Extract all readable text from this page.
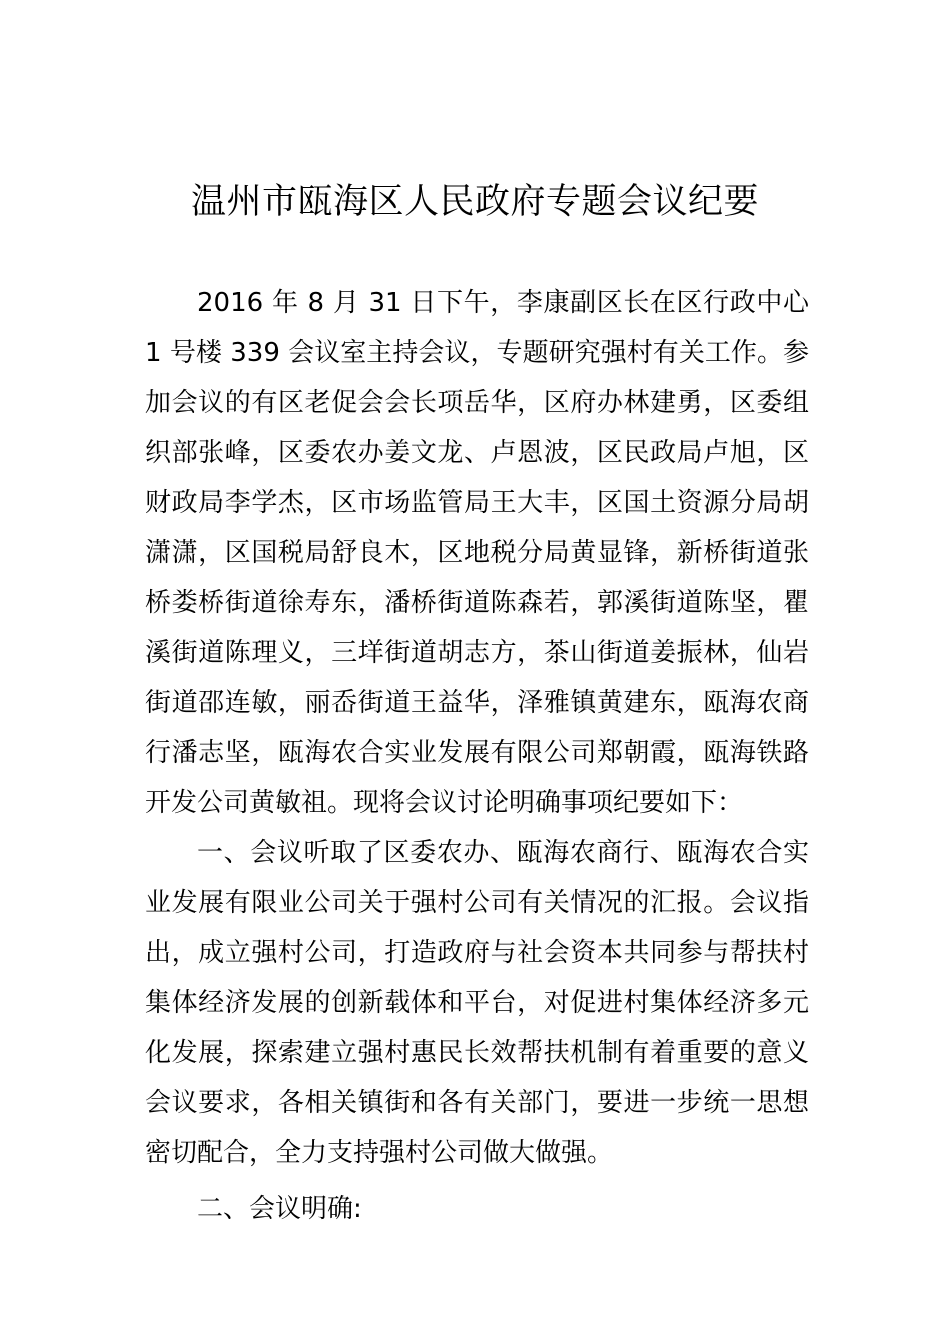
温州市瓯海区人民政府专题会议纪要

2016 年 8 月 31 日下午，李康副区长在区行政中心 1 号楼 339 会议室主持会议，专题研究强村有关工作。参加会议的有区老促会会长项岳华，区府办林建勇，区委组织部张峰，区委农办姜文龙、卢恩波，区民政局卢旭，区财政局李学杰，区市场监管局王大丰，区国土资源分局胡潇潇，区国税局舒良木，区地税分局黄显锋，新桥街道张桥娄桥街道徐寿东，潘桥街道陈森若，郭溪街道陈坚，瞿溪街道陈理义，三垟街道胡志方，茶山街道姜振林，仙岩街道邵连敏，丽岙街道王益华，泽雅镇黄建东，瓯海农商行潘志坚，瓯海农合实业发展有限公司郑朝霞，瓯海铁路开发公司黄敏祖。现将会议讨论明确事项纪要如下：

一、会议听取了区委农办、瓯海农商行、瓯海农合实业发展有限业公司关于强村公司有关情况的汇报。会议指出，成立强村公司，打造政府与社会资本共同参与帮扶村集体经济发展的创新载体和平台，对促进村集体经济多元化发展，探索建立强村惠民长效帮扶机制有着重要的意义会议要求，各相关镇街和各有关部门，要进一步统一思想密切配合，全力支持强村公司做大做强。

二、会议明确:
